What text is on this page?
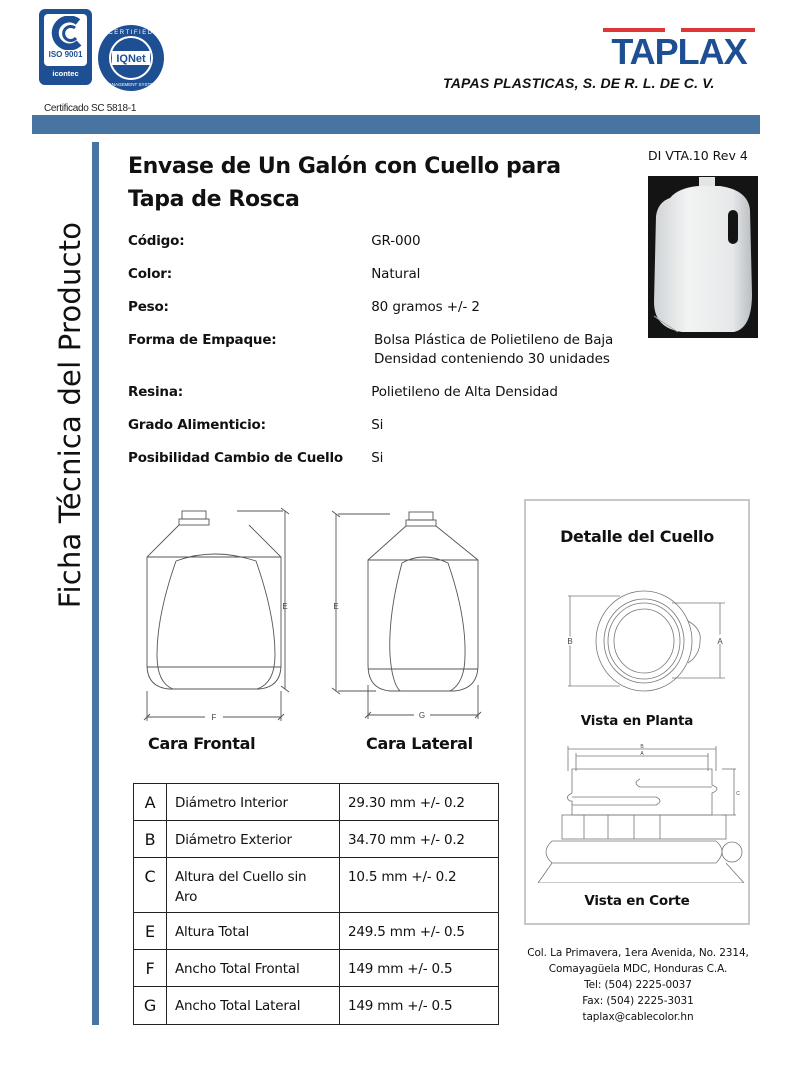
ISO 9001
icontec
IQNet
CERTIFIED
MANAGEMENT SYSTEM
Certificado SC 5818-1
TAPLAX
TAPAS PLASTICAS, S. DE R. L. DE C. V.
Ficha Técnica del Producto
DI VTA.10 Rev 4
Envase de Un Galón con Cuello para Tapa de Rosca
Código:	GR-000
Color:	Natural
Peso:	80 gramos +/- 2
Forma de Empaque:	Bolsa Plástica de Polietileno de Baja Densidad conteniendo 30 unidades
Resina:	Polietileno de Alta Densidad
Grado Alimenticio:	Si
Posibilidad Cambio de Cuello	Si
E
F
Cara Frontal
E
G
Cara Lateral
Detalle del Cuello
B	A
Vista en Planta
B
A
C
Vista en Corte
A	Diámetro Interior	29.30 mm +/- 0.2
B	Diámetro Exterior	34.70 mm +/- 0.2
C	Altura del Cuello sin Aro	10.5 mm +/- 0.2
E	Altura Total	249.5 mm +/- 0.5
F	Ancho Total Frontal	149 mm +/- 0.5
G	Ancho Total Lateral	149 mm +/- 0.5
Col. La Primavera, 1era Avenida, No. 2314,
Comayagüela MDC, Honduras C.A.
Tel: (504) 2225-0037
Fax: (504) 2225-3031
taplax@cablecolor.hn
